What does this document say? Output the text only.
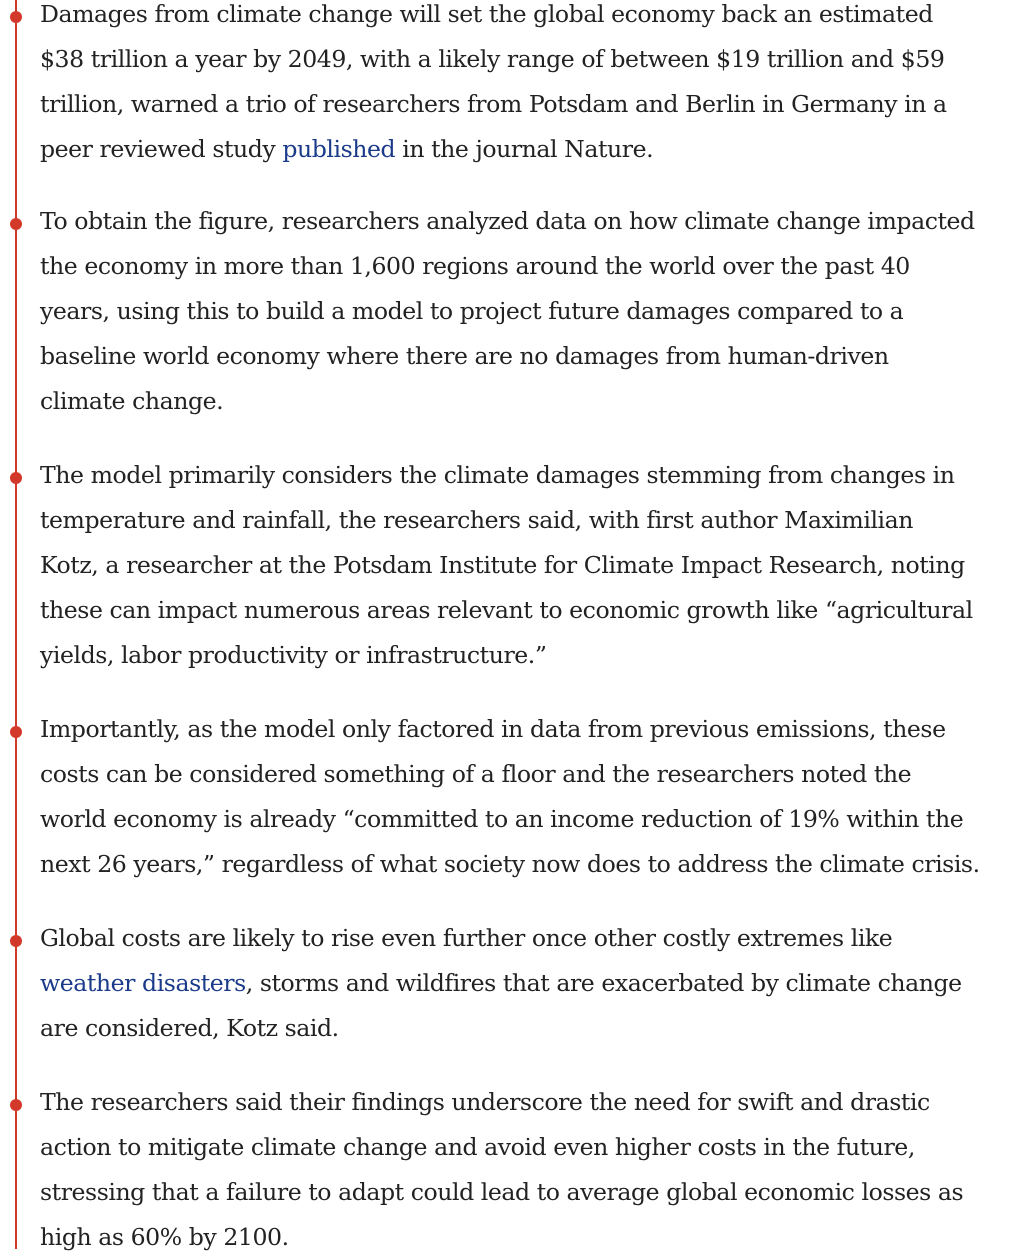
Damages from climate change will set the global economy back an estimated
$38 trillion a year by 2049, with a likely range of between $19 trillion and $59
trillion, warned a trio of researchers from Potsdam and Berlin in Germany in a
peer reviewed study published in the journal Nature.

To obtain the figure, researchers analyzed data on how climate change impacted
the economy in more than 1,600 regions around the world over the past 40
years, using this to build a model to project future damages compared to a
baseline world economy where there are no damages from human-driven
climate change.

The model primarily considers the climate damages stemming from changes in
temperature and rainfall, the researchers said, with first author Maximilian
Kotz, a researcher at the Potsdam Institute for Climate Impact Research, noting
these can impact numerous areas relevant to economic growth like “agricultural
yields, labor productivity or infrastructure.”

Importantly, as the model only factored in data from previous emissions, these
costs can be considered something of a floor and the researchers noted the
world economy is already “committed to an income reduction of 19% within the
next 26 years,” regardless of what society now does to address the climate crisis.

Global costs are likely to rise even further once other costly extremes like
weather disasters, storms and wildfires that are exacerbated by climate change
are considered, Kotz said.

The researchers said their findings underscore the need for swift and drastic
action to mitigate climate change and avoid even higher costs in the future,
stressing that a failure to adapt could lead to average global economic losses as
high as 60% by 2100.
